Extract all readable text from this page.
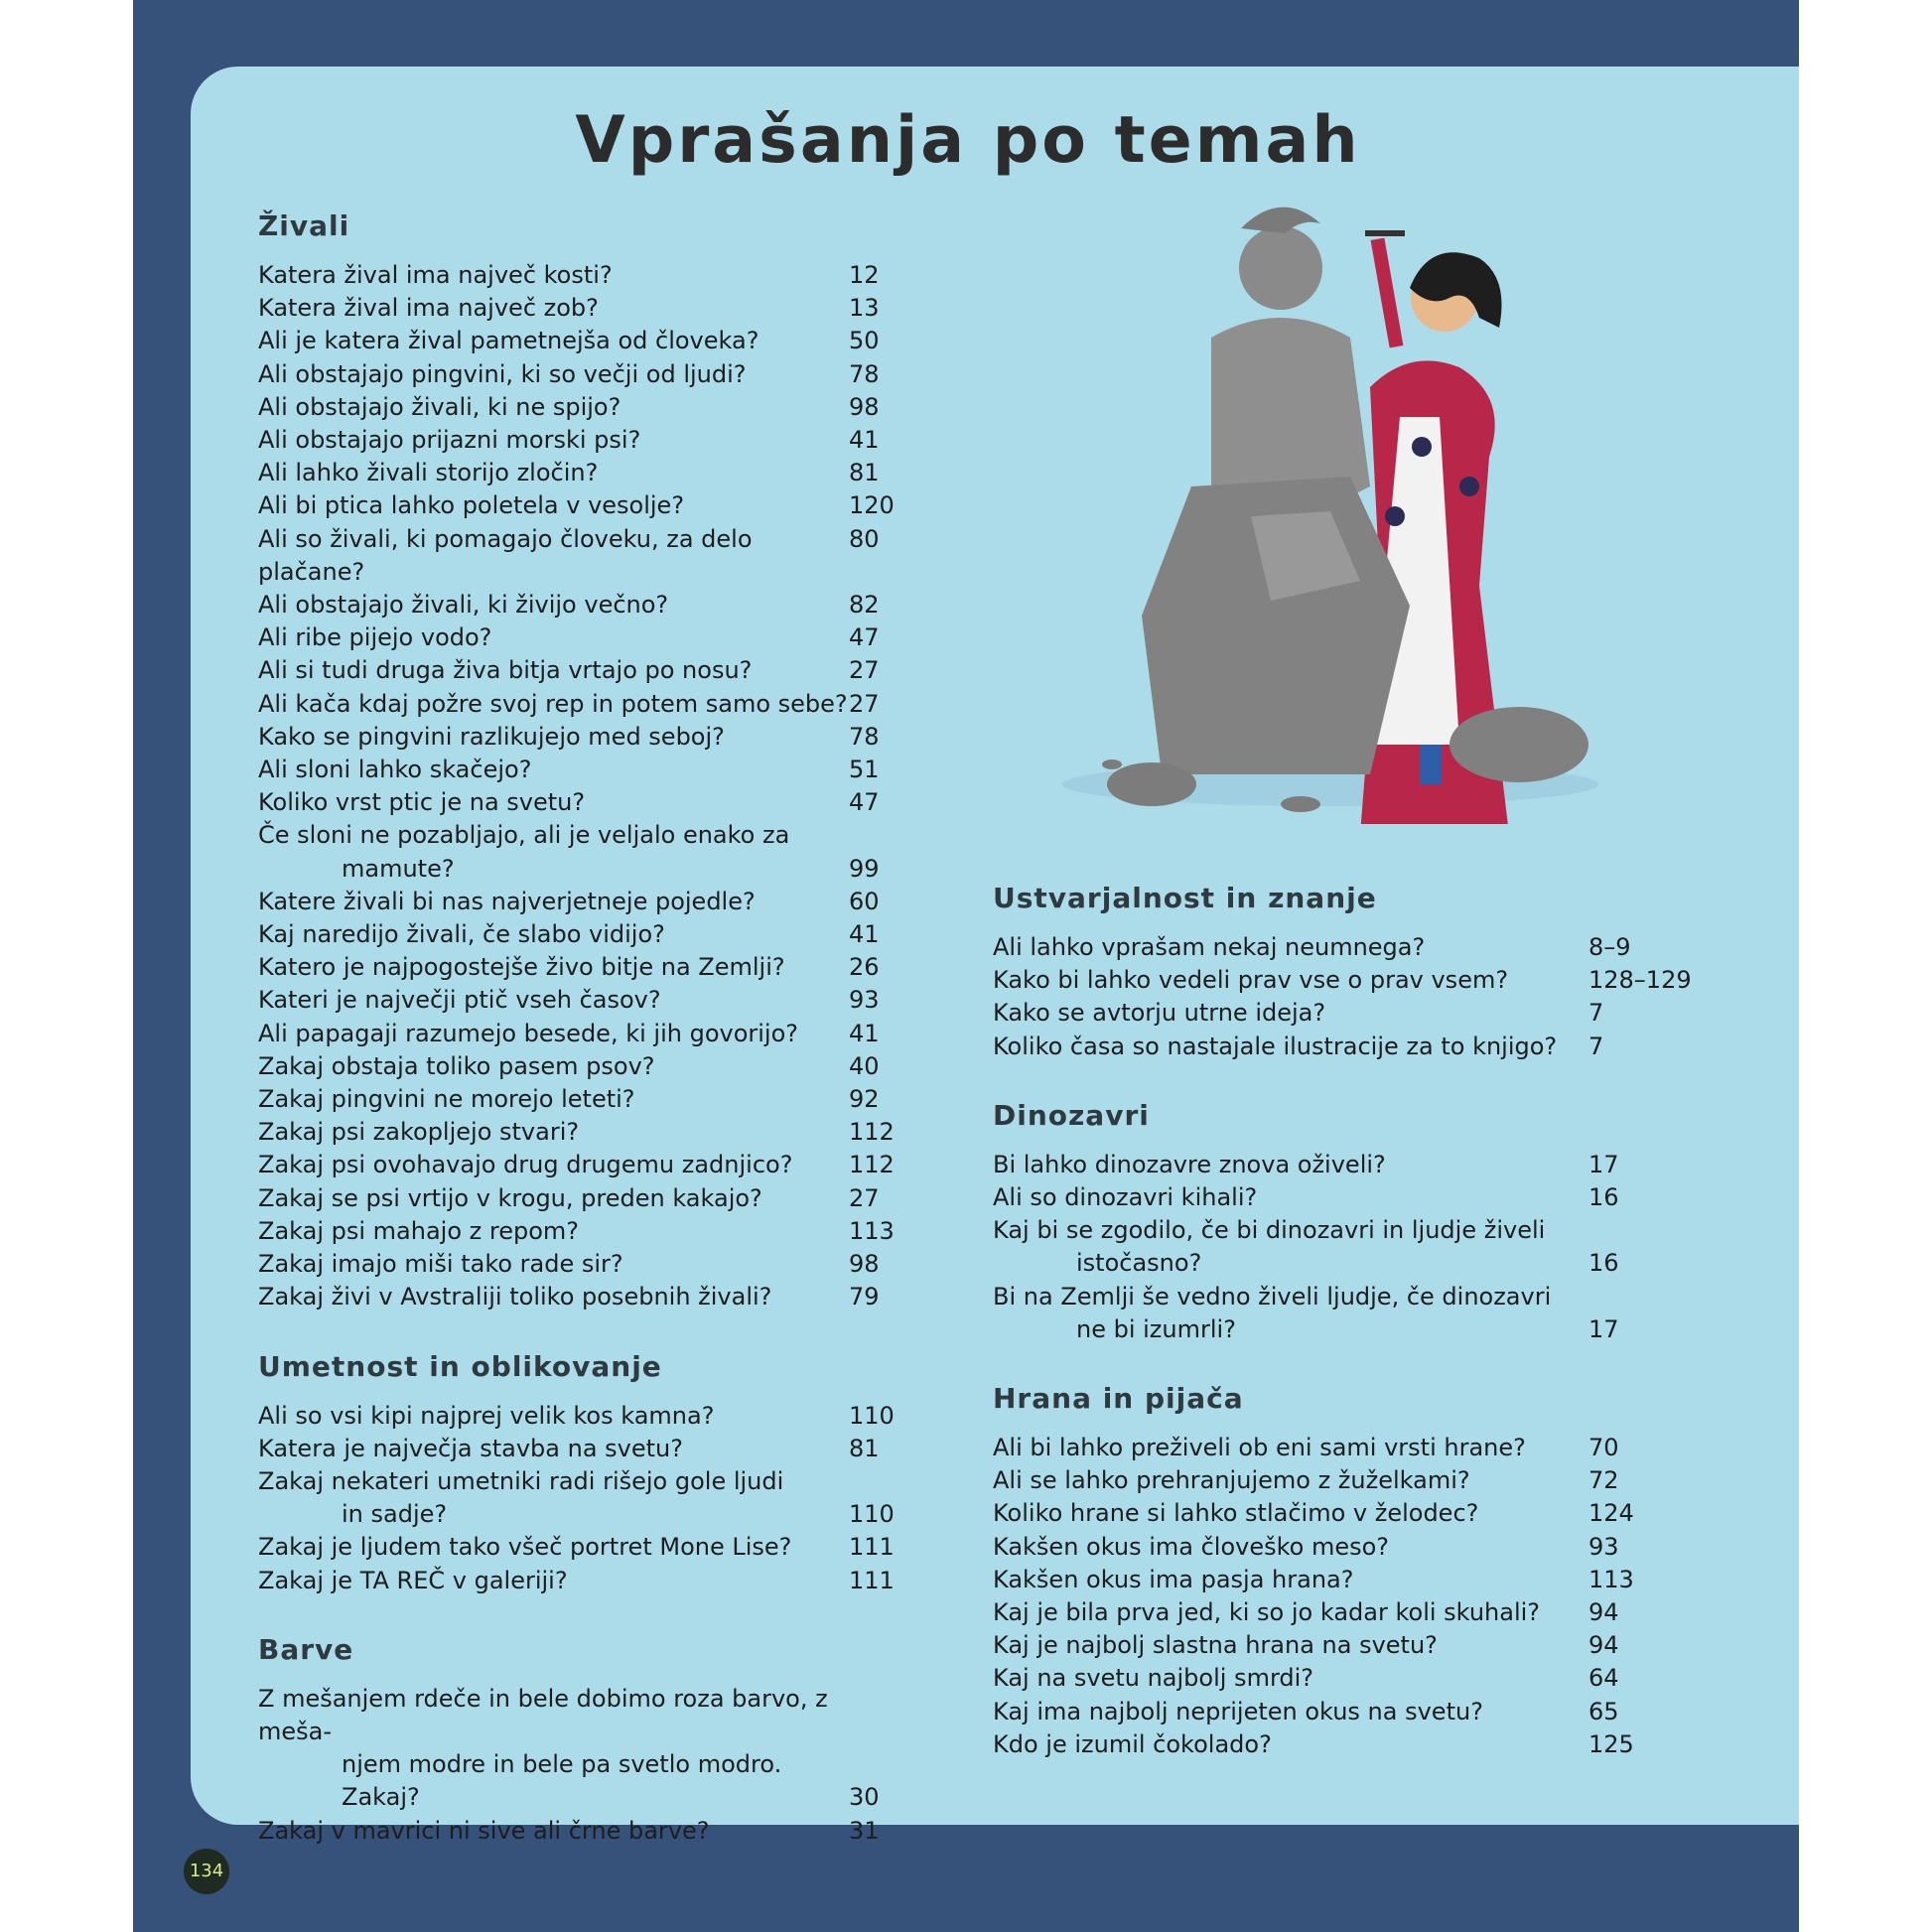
Vprašanja po temah
Živali
Katera žival ima največ kosti?	12
Katera žival ima največ zob?	13
Ali je katera žival pametnejša od človeka?	50
Ali obstajajo pingvini, ki so večji od ljudi?	78
Ali obstajajo živali, ki ne spijo?	98
Ali obstajajo prijazni morski psi?	41
Ali lahko živali storijo zločin?	81
Ali bi ptica lahko poletela v vesolje?	120
Ali so živali, ki pomagajo človeku, za delo plačane?
80
Ali obstajajo živali, ki živijo večno?	82
Ali ribe pijejo vodo?	47
Ali si tudi druga živa bitja vrtajo po nosu?	27
Ali kača kdaj požre svoj rep in potem samo sebe? 27
Kako se pingvini razlikujejo med seboj?	78
Ali sloni lahko skačejo?	51
Koliko vrst ptic je na svetu?	47
Če sloni ne pozabljajo, ali je veljalo enako za
mamute?	99
Katere živali bi nas najverjetneje pojedle?	60
Kaj naredijo živali, če slabo vidijo?	41
Katero je najpogostejše živo bitje na Zemlji?	26
Kateri je največji ptič vseh časov?	93
Ali papagaji razumejo besede, ki jih govorijo?	41
Zakaj obstaja toliko pasem psov?	40
Zakaj pingvini ne morejo leteti?	92
Zakaj psi zakopljejo stvari?	112
Zakaj psi ovohavajo drug drugemu zadnjico?	112
Zakaj se psi vrtijo v krogu, preden kakajo?	27
Zakaj psi mahajo z repom?	113
Zakaj imajo miši tako rade sir?	98
Zakaj živi v Avstraliji toliko posebnih živali?	79
Umetnost in oblikovanje
Ali so vsi kipi najprej velik kos kamna?	110
Katera je največja stavba na svetu?	81
Zakaj nekateri umetniki radi rišejo gole ljudi
in sadje?	110
Zakaj je ljudem tako všeč portret Mone Lise?	111
Zakaj je TA REČ v galeriji?	111
Barve
Z mešanjem rdeče in bele dobimo roza barvo, z meša-
njem modre in bele pa svetlo modro. Zakaj?	30
Zakaj v mavrici ni sive ali črne barve?	31
Ustvarjalnost in znanje
Ali lahko vprašam nekaj neumnega?	8–9
Kako bi lahko vedeli prav vse o prav vsem?	128–129
Kako se avtorju utrne ideja?	7
Koliko časa so nastajale ilustracije za to knjigo?	7
Dinozavri
Bi lahko dinozavre znova oživeli?	17
Ali so dinozavri kihali?	16
Kaj bi se zgodilo, če bi dinozavri in ljudje živeli
istočasno?	16
Bi na Zemlji še vedno živeli ljudje, če dinozavri
ne bi izumrli?	17
Hrana in pijača
Ali bi lahko preživeli ob eni sami vrsti hrane?	70
Ali se lahko prehranjujemo z žuželkami?	72
Koliko hrane si lahko stlačimo v želodec?	124
Kakšen okus ima človeško meso?	93
Kakšen okus ima pasja hrana?	113
Kaj je bila prva jed, ki so jo kadar koli skuhali?	94
Kaj je najbolj slastna hrana na svetu?	94
Kaj na svetu najbolj smrdi?	64
Kaj ima najbolj neprijeten okus na svetu?	65
Kdo je izumil čokolado?	125
134
